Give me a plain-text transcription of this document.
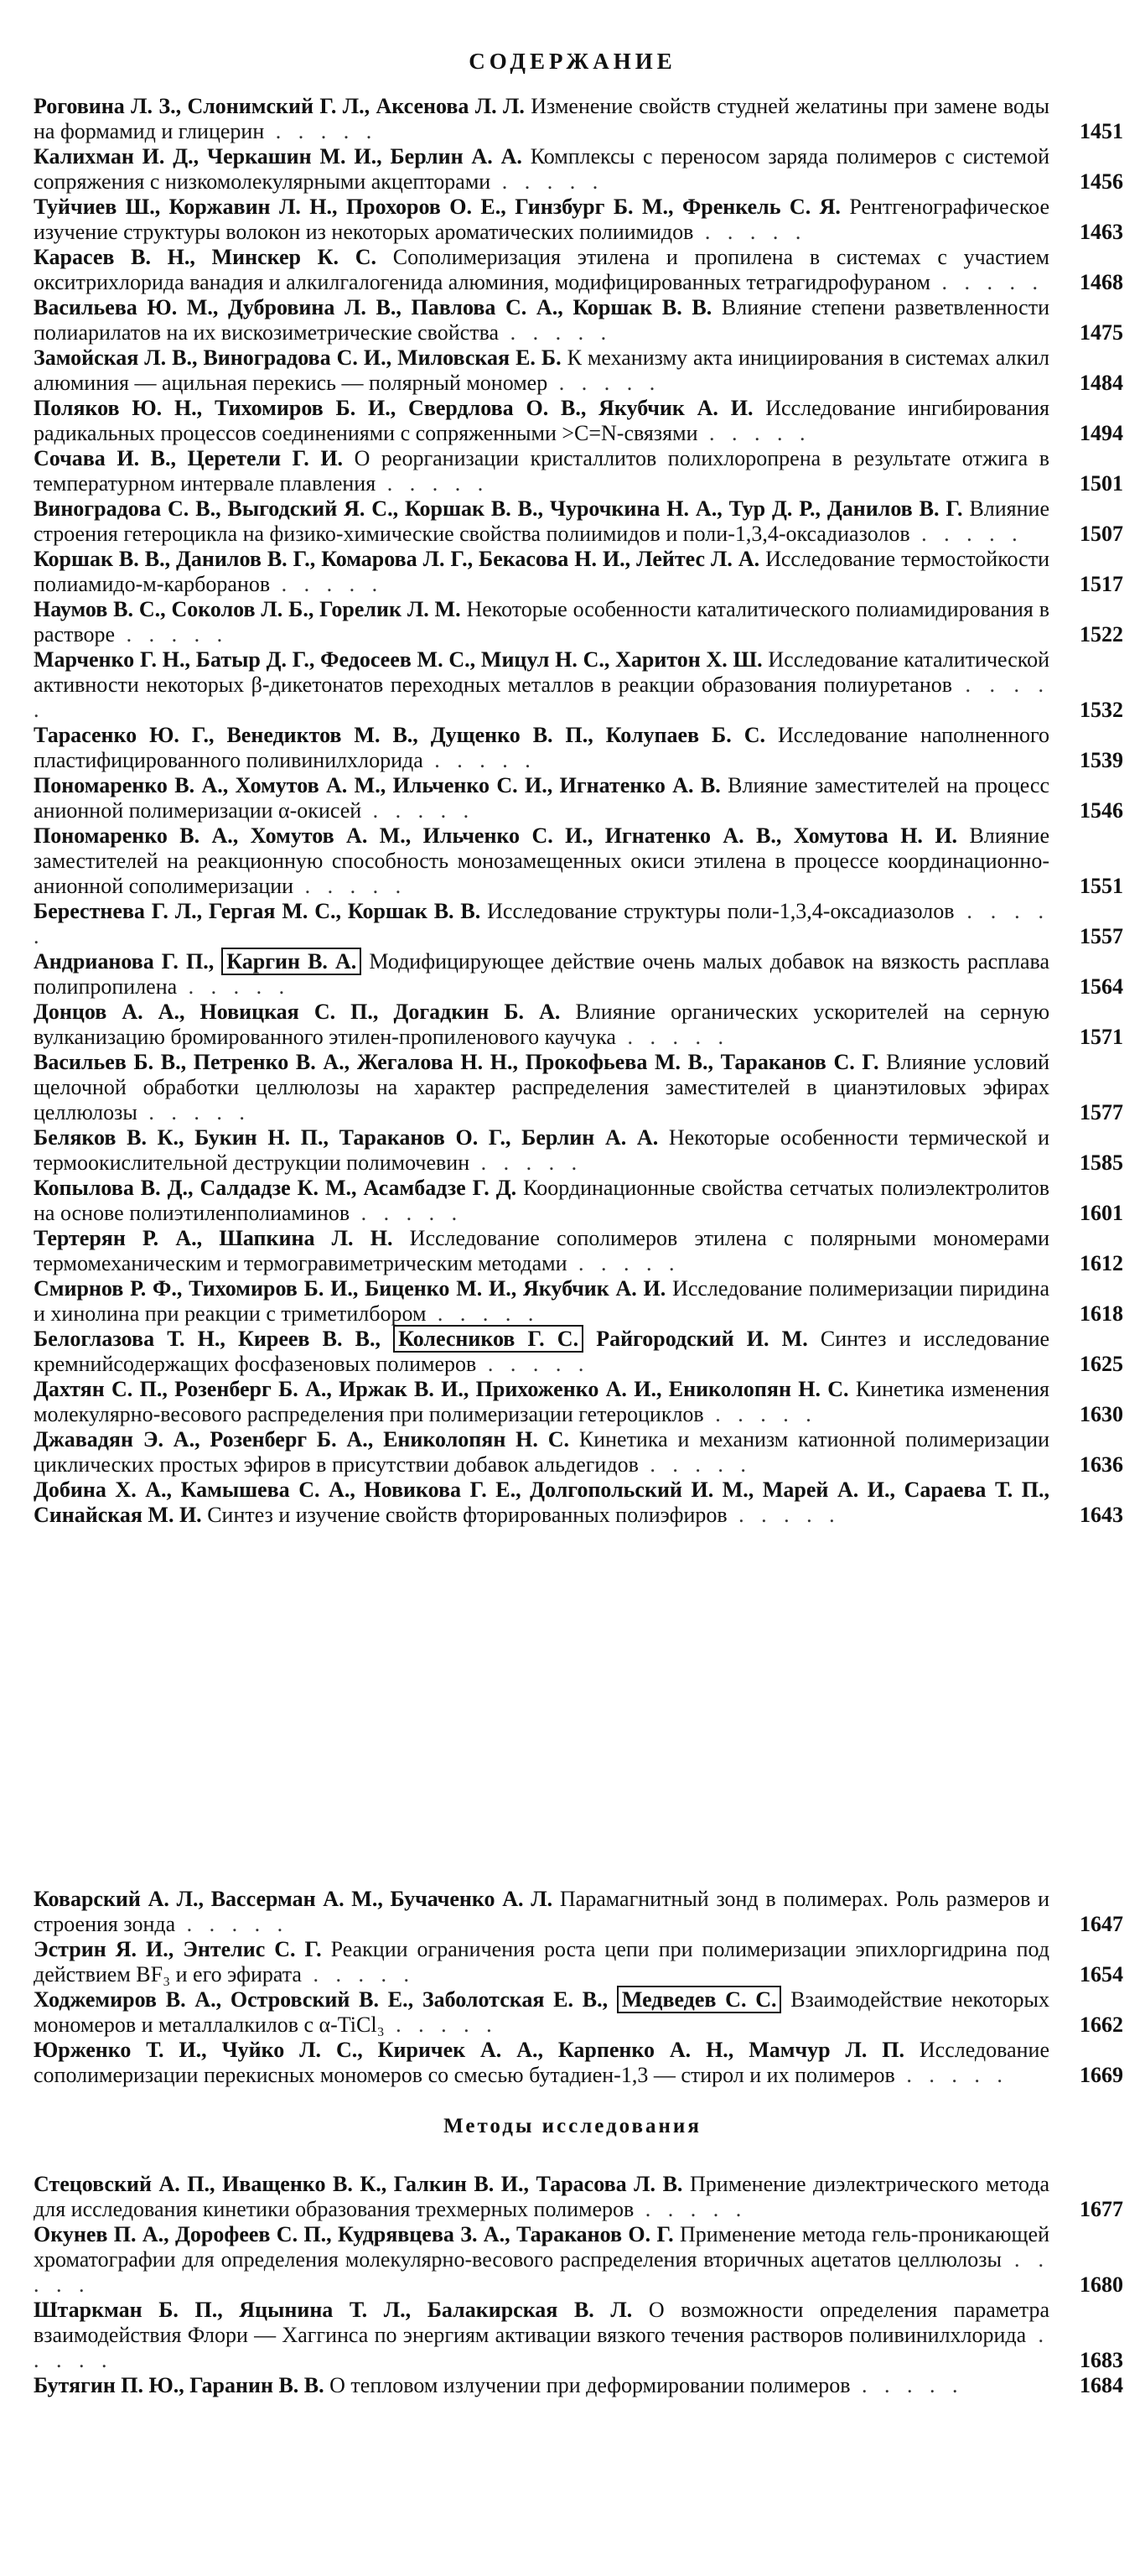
СОДЕРЖАНИЕ
Роговина Л. З., Слонимский Г. Л., Аксенова Л. Л. Изменение свойств студней желатины при замене воды на формамид и глицерин . . . . .	1451
Калихман И. Д., Черкашин М. И., Берлин А. А. Комплексы с переносом заряда полимеров с системой сопряжения с низкомолекулярными акцепторами . . . . .	1456
Туйчиев Ш., Коржавин Л. Н., Прохоров О. Е., Гинзбург Б. М., Френкель С. Я. Рентгенографическое изучение структуры волокон из некоторых ароматических полиимидов . . . . .	1463
Карасев В. Н., Минскер К. С. Сополимеризация этилена и пропилена в системах с участием окситрихлорида ванадия и алкилгалогенида алюминия, модифицированных тетрагидрофураном . . . . . 1468
Васильева Ю. М., Дубровина Л. В., Павлова С. А., Коршак В. В. Влияние степени разветвленности полиарилатов на их вискозиметрические свойства . . . . .	1475
Замойская Л. В., Виноградова С. И., Миловская Е. Б. К механизму акта инициирования в системах алкил алюминия — ацильная перекись — полярный мономер . . . . .	1484
Поляков Ю. Н., Тихомиров Б. И., Свердлова О. В., Якубчик А. И. Исследование ингибирования радикальных процессов соединениями с сопряженными >C=N-связями . . . . .	1494
Сочава И. В., Церетели Г. И. О реорганизации кристаллитов полихлоропрена в результате отжига в температурном интервале плавления . . . . .	1501
Виноградова С. В., Выгодский Я. С., Коршак В. В., Чурочкина Н. А., Тур Д. Р., Данилов В. Г. Влияние строения гетероцикла на физико-химические свойства полиимидов и поли-1,3,4-оксадиазолов . . . . .	1507
Коршак В. В., Данилов В. Г., Комарова Л. Г., Бекасова Н. И., Лейтес Л. А. Исследование термостойкости полиамидо-м-карборанов . . . . .	1517
Наумов В. С., Соколов Л. Б., Горелик Л. М. Некоторые особенности каталитического полиамидирования в растворе . . . . .	1522
Марченко Г. Н., Батыр Д. Г., Федосеев М. С., Мицул Н. С., Харитон Х. Ш. Исследование каталитической активности некоторых β-дикетонатов переходных металлов в реакции образования полиуретанов . . . . .	1532
Тарасенко Ю. Г., Венедиктов М. В., Дущенко В. П., Колупаев Б. С. Исследование наполненного пластифицированного поливинилхлорида . . . . .	1539
Пономаренко В. А., Хомутов А. М., Ильченко С. И., Игнатенко А. В. Влияние заместителей на процесс анионной полимеризации α-окисей . . . . .	1546
Пономаренко В. А., Хомутов А. М., Ильченко С. И., Игнатенко А. В., Хомутова Н. И. Влияние заместителей на реакционную способность монозамещенных окиси этилена в процессе координационно-анионной сополимеризации . . . . .	1551
Берестнева Г. Л., Гергая М. С., Коршак В. В. Исследование структуры поли-1,3,4-оксадиазолов . . . . .	1557
Андрианова Г. П., Каргин В. А. Модифицирующее действие очень малых добавок на вязкость расплава полипропилена . . . . .	1564
Донцов А. А., Новицкая С. П., Догадкин Б. А. Влияние органических ускорителей на серную вулканизацию бромированного этилен-пропиленового каучука . . . . .	1571
Васильев Б. В., Петренко В. А., Жегалова Н. Н., Прокофьева М. В., Тараканов С. Г. Влияние условий щелочной обработки целлюлозы на характер распределения заместителей в цианэтиловых эфирах целлюлозы . . . . .	1577
Беляков В. К., Букин Н. П., Тараканов О. Г., Берлин А. А. Некоторые особенности термической и термоокислительной деструкции полимочевин . . . . .	1585
Копылова В. Д., Салдадзе К. М., Асамбадзе Г. Д. Координационные свойства сетчатых полиэлектролитов на основе полиэтиленполиаминов . . . . .	1601
Тертерян Р. А., Шапкина Л. Н. Исследование сополимеров этилена с полярными мономерами термомеханическим и термогравиметрическим методами . . . . .	1612
Смирнов Р. Ф., Тихомиров Б. И., Биценко М. И., Якубчик А. И. Исследование полимеризации пиридина и хинолина при реакции с триметилбором . . . . .	1618
Белоглазова Т. Н., Киреев В. В., Колесников Г. С. Райгородский И. М. Синтез и исследование кремнийсодержащих фосфазеновых полимеров . . . . .	1625
Дахтян С. П., Розенберг Б. А., Иржак В. И., Прихоженко А. И., Ениколопян Н. С. Кинетика изменения молекулярно-весового распределения при полимеризации гетероциклов . . . . .	1630
Джавадян Э. А., Розенберг Б. А., Ениколопян Н. С. Кинетика и механизм катионной полимеризации циклических простых эфиров в присутствии добавок альдегидов . . . . .	1636
Добина Х. А., Камышева С. А., Новикова Г. Е., Долгопольский И. М., Марей А. И., Сараева Т. П., Синайская М. И. Синтез и изучение свойств фторированных полиэфиров . . . . .	1643
Коварский А. Л., Вассерман А. М., Бучаченко А. Л. Парамагнитный зонд в полимерах. Роль размеров и строения зонда . . . . .	1647
Эстрин Я. И., Энтелис С. Г. Реакции ограничения роста цепи при полимеризации эпихлоргидрина под действием BF₃ и его эфирата . . . . .	1654
Ходжемиров В. А., Островский В. Е., Заболотская Е. В., Медведев С. С. Взаимодействие некоторых мономеров и металлалкилов с α-TiCl₃ . . . . .	1662
Юрженко Т. И., Чуйко Л. С., Киричек А. А., Карпенко А. Н., Мамчур Л. П. Исследование сополимеризации перекисных мономеров со смесью бутадиен-1,3 — стирол и их полимеров . . . . .	1669
Методы исследования
Стецовский А. П., Иващенко В. К., Галкин В. И., Тарасова Л. В. Применение диэлектрического метода для исследования кинетики образования трехмерных полимеров . . . . .	1677
Окунев П. А., Дорофеев С. П., Кудрявцева З. А., Тараканов О. Г. Применение метода гель-проникающей хроматографии для определения молекулярно-весового распределения вторичных ацетатов целлюлозы . . . . .	1680
Штаркман Б. П., Яцынина Т. Л., Балакирская В. Л. О возможности определения параметра взаимодействия Флори — Хаггинса по энергиям активации вязкого течения растворов поливинилхлорида . . . . .	1683
Бутягин П. Ю., Гаранин В. В. О тепловом излучении при деформировании полимеров . . . . .	1684
